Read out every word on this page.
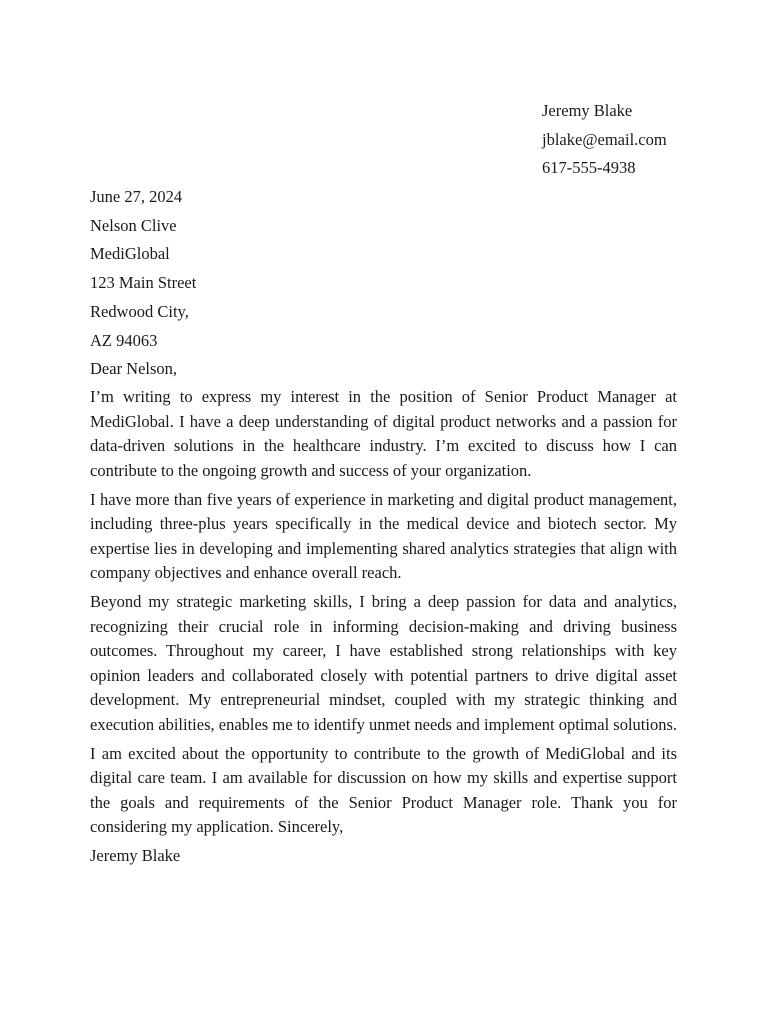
Jeremy Blake
jblake@email.com
617-555-4938
June 27, 2024
Nelson Clive
MediGlobal
123 Main Street
Redwood City,
AZ 94063
Dear Nelson,

I’m writing to express my interest in the position of Senior Product Manager at MediGlobal. I have a deep understanding of digital product networks and a passion for data-driven solutions in the healthcare industry. I’m excited to discuss how I can contribute to the ongoing growth and success of your organization.

I have more than five years of experience in marketing and digital product management, including three-plus years specifically in the medical device and biotech sector. My expertise lies in developing and implementing shared analytics strategies that align with company objectives and enhance overall reach.

Beyond my strategic marketing skills, I bring a deep passion for data and analytics, recognizing their crucial role in informing decision-making and driving business outcomes. Throughout my career, I have established strong relationships with key opinion leaders and collaborated closely with potential partners to drive digital asset development. My entrepreneurial mindset, coupled with my strategic thinking and execution abilities, enables me to identify unmet needs and implement optimal solutions.

I am excited about the opportunity to contribute to the growth of MediGlobal and its digital care team. I am available for discussion on how my skills and expertise support the goals and requirements of the Senior Product Manager role. Thank you for considering my application. Sincerely,

Jeremy Blake
